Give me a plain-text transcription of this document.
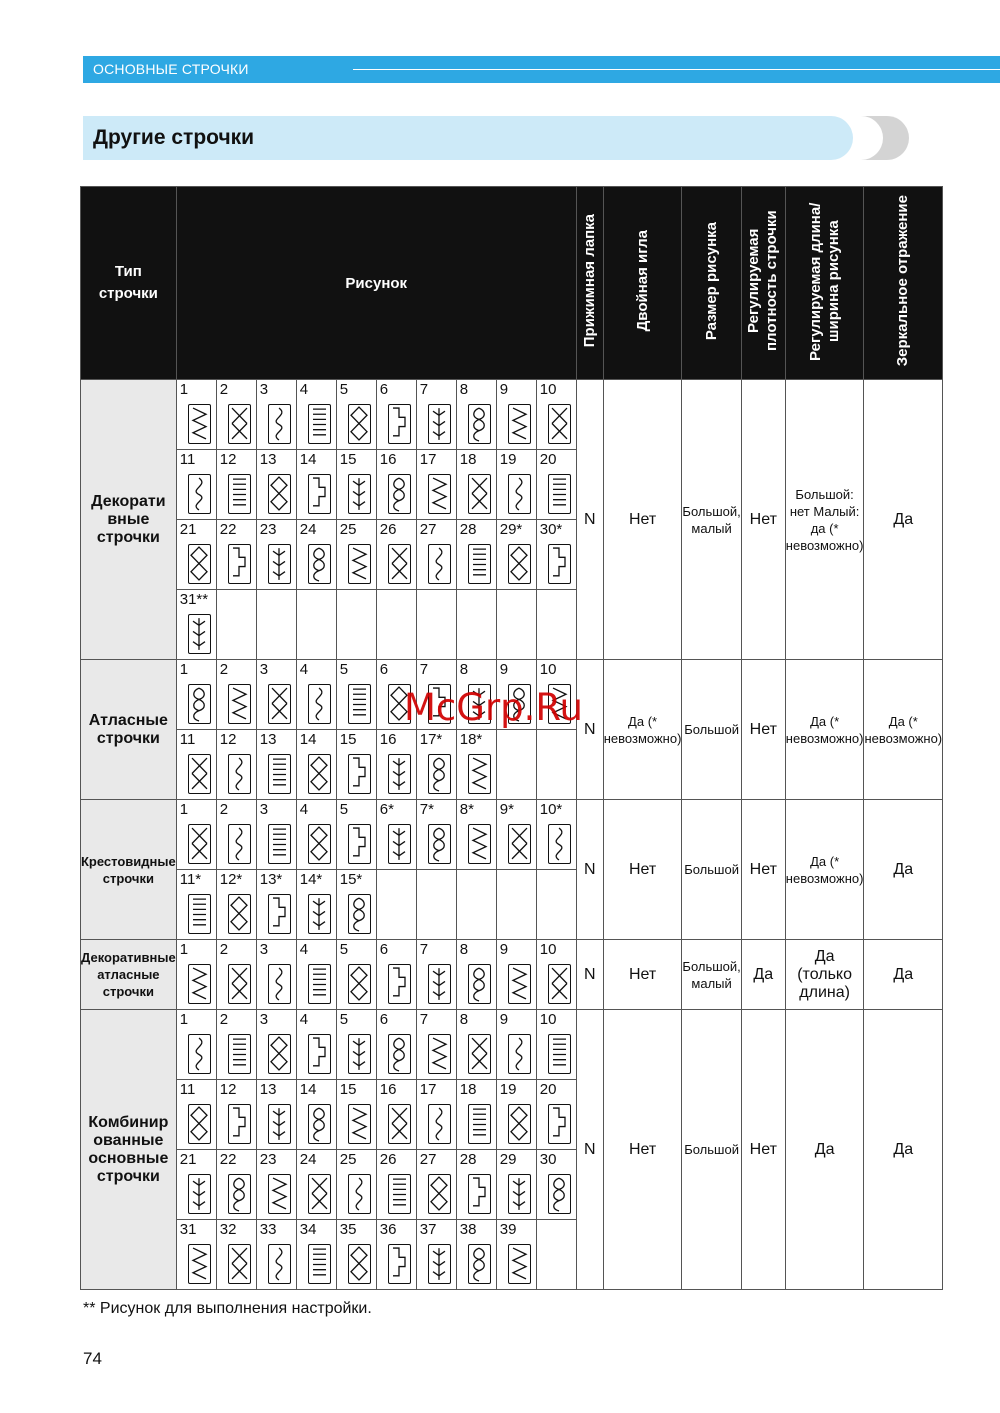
ОСНОВНЫЕ СТРОЧКИ
Другие строчки
Тип строчки	Рисунок	Прижимная лапка	Двойная игла	Размер рисунка	Регулируемая плотность строчки	Регулируемая длина/ ширина рисунка	Зеркальное отражение
Декорати вные строчки	
1	2	3	4	5	6	7	8	9	10

11	12	13	14	15	16	17	18	19	20

21	22	23	24	25	26	27	28	29*	30*

31**

	N	Нет	Большой, малый	Нет	Большой: нет Малый: да (* невозможно)	Да
Атласные строчки	
1	2	3	4	5	6	7	8	9	10

11	12	13	14	15	16	17*	18*

	N	Да (* невозможно)	Большой	Нет	Да (* невозможно)	Да (* невозможно)
Крестовидные строчки	
1	2	3	4	5	6*	7*	8*	9*	10*

11*	12*	13*	14*	15*

	N	Нет	Большой	Нет	Да (* невозможно)	Да
Декоративные атласные строчки	
1	2	3	4	5	6	7	8	9	10
	N	Нет	Большой, малый	Да	Да (только длина)	Да
Комбинир ованные основные строчки	
1	2	3	4	5	6	7	8	9	10

11	12	13	14	15	16	17	18	19	20

21	22	23	24	25	26	27	28	29	30

31	32	33	34	35	36	37	38	39

	N	Нет	Большой	Нет	Да	Да
McGrp.Ru
** Рисунок для выполнения настройки.
74
